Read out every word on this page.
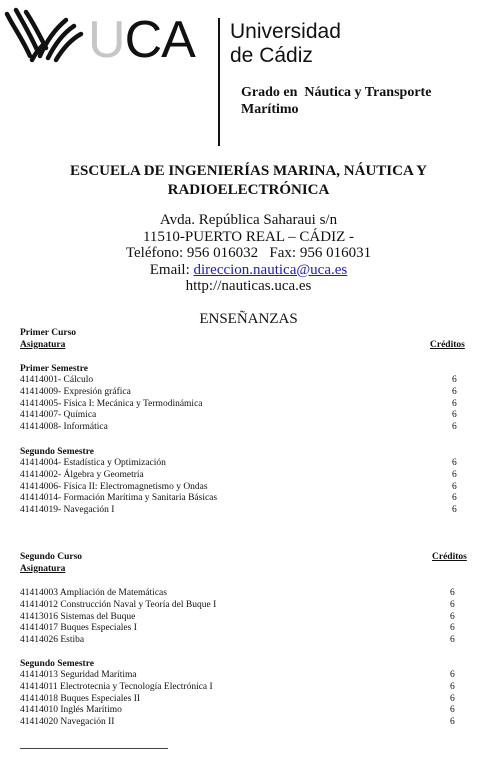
UCA Universidad
de Cádiz
Grado en  Náutica y Transporte
Marítimo
ESCUELA DE INGENIERÍAS MARINA, NÁUTICA Y
RADIOELECTRÓNICA
Avda. República Saharaui s/n
11510-PUERTO REAL – CÁDIZ -
Teléfono: 956 016032   Fax: 956 016031
Email: direccion.nautica@uca.es
http://nauticas.uca.es
ENSEÑANZAS
Primer Curso
Asignatura	Créditos
Primer Semestre
41414001- Cálculo	6
41414009- Expresión gráfica	6
41414005- Física I: Mecánica y Termodinámica	6
41414007- Química	6
41414008- Informática	6
Segundo Semestre
41414004- Estadística y Optimización	6
41414002- Álgebra y Geometría	6
41414006- Física II: Electromagnetismo y Ondas	6
41414014- Formación Marítima y Sanitaria Básicas	6
41414019- Navegación I	6
Segundo Curso
Asignatura
Créditos
41414003 Ampliación de Matemáticas	6
41414012 Construcción Naval y Teoría del Buque I	6
41413016 Sistemas del Buque	6
41414017 Buques Especiales I	6
41414026 Estiba	6
Segundo Semestre
41414013 Seguridad Marítima	6
41414011 Electrotecnia y Tecnología Electrónica I	6
41414018 Buques Especiales II	6
41414010 Inglés Marítimo	6
41414020 Navegación II	6
